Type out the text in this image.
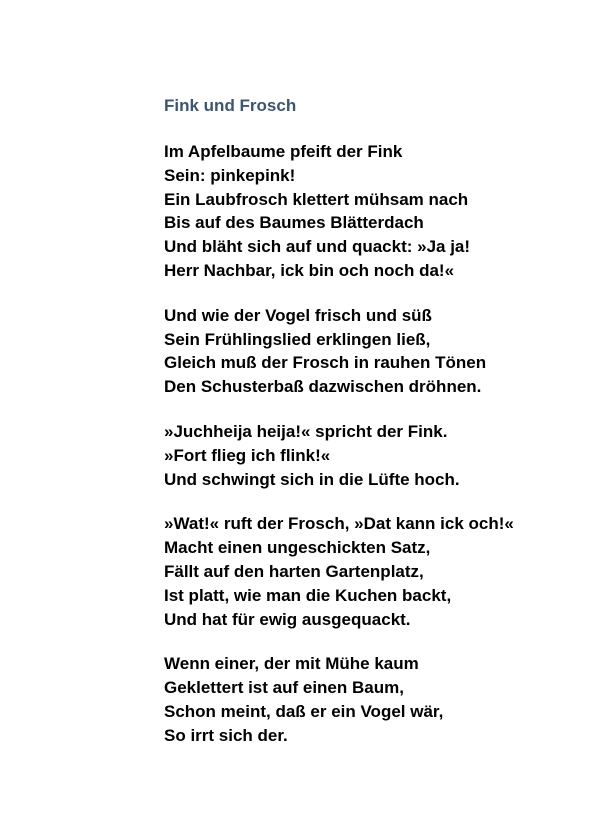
Fink und Frosch
Im Apfelbaume pfeift der Fink
Sein: pinkepink!
Ein Laubfrosch klettert mühsam nach
Bis auf des Baumes Blätterdach
Und bläht sich auf und quackt: »Ja ja!
Herr Nachbar, ick bin och noch da!«
Und wie der Vogel frisch und süß
Sein Frühlingslied erklingen ließ,
Gleich muß der Frosch in rauhen Tönen
Den Schusterbaß dazwischen dröhnen.
»Juchheija heija!« spricht der Fink.
»Fort flieg ich flink!«
Und schwingt sich in die Lüfte hoch.
»Wat!« ruft der Frosch, »Dat kann ick och!«
Macht einen ungeschickten Satz,
Fällt auf den harten Gartenplatz,
Ist platt, wie man die Kuchen backt,
Und hat für ewig ausgequackt.
Wenn einer, der mit Mühe kaum
Geklettert ist auf einen Baum,
Schon meint, daß er ein Vogel wär,
So irrt sich der.
